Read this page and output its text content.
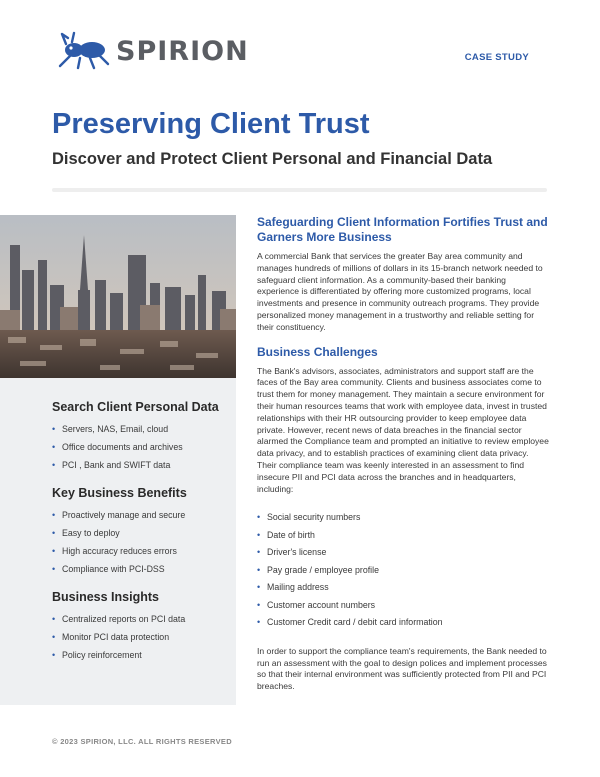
SPIRION	CASE STUDY
Preserving Client Trust
Discover and Protect Client Personal and Financial Data
Search Client Personal Data
• Servers, NAS, Email, cloud
• Office documents and archives
• PCI , Bank and SWIFT data
Key Business Benefits
• Proactively manage and secure
• Easy to deploy
• High accuracy reduces errors
• Compliance with PCI-DSS
Business Insights
• Centralized reports on PCI data
• Monitor PCI data protection
• Policy reinforcement
Safeguarding Client Information Fortifies Trust and Garners More Business

A commercial Bank that services the greater Bay area community and manages hundreds of millions of dollars in its 15-branch network needed to safeguard client information. As a community-based their banking experience is differentiated by offering more customized programs, local investments and presence in community outreach programs. They provide personalized money management in a trustworthy and reliable setting for their constituency.

Business Challenges

The Bank's advisors, associates, administrators and support staff are the faces of the Bay area community. Clients and business associates come to trust them for money management. They maintain a secure environment for their human resources teams that work with employee data, invest in trusted relationships with their HR outsourcing provider to keep employee data private. However, recent news of data breaches in the financial sector alarmed the Compliance team and prompted an initiative to review employee data privacy, and to establish practices of examining client data privacy. Their compliance team was keenly interested in an assessment to find insecure PII and PCI data across the branches and in headquarters, including:

• Social security numbers
• Date of birth
• Driver's license
• Pay grade / employee profile
• Mailing address
• Customer account numbers
• Customer Credit card / debit card information

In order to support the compliance team's requirements, the Bank needed to run an assessment with the goal to design polices and implement processes so that their internal environment was sufficiently protected from PII and PCI breaches.

© 2023 SPIRION, LLC. ALL RIGHTS RESERVED
